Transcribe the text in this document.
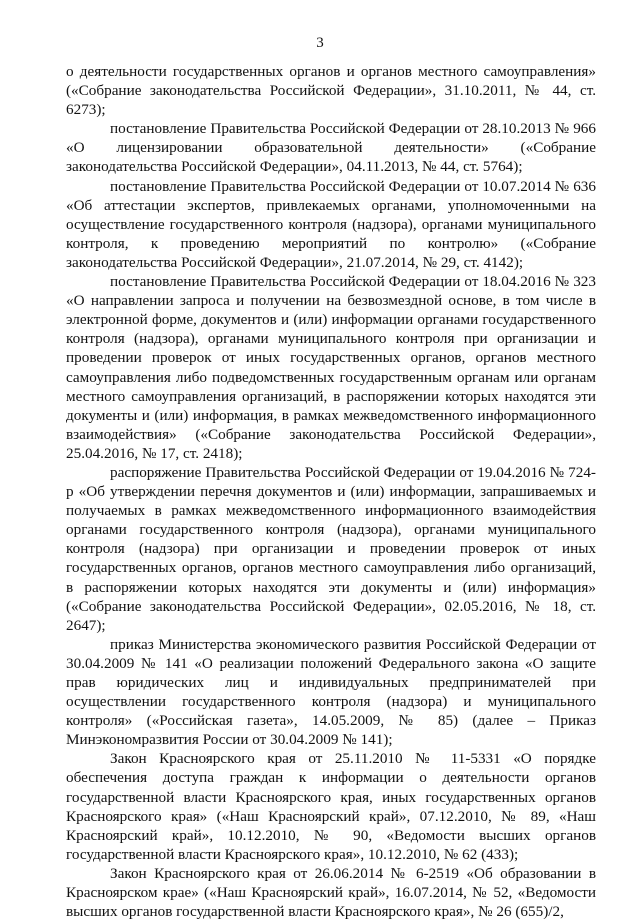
3

о деятельности государственных органов и органов местного самоуправления» («Собрание законодательства Российской Федерации», 31.10.2011, № 44, ст. 6273);

постановление Правительства Российской Федерации от 28.10.2013 № 966 «О лицензировании образовательной деятельности» («Собрание законодательства Российской Федерации», 04.11.2013, № 44, ст. 5764);

постановление Правительства Российской Федерации от 10.07.2014 № 636 «Об аттестации экспертов, привлекаемых органами, уполномоченными на осуществление государственного контроля (надзора), органами муниципального контроля, к проведению мероприятий по контролю» («Собрание законодательства Российской Федерации», 21.07.2014, № 29, ст. 4142);

постановление Правительства Российской Федерации от 18.04.2016 № 323 «О направлении запроса и получении на безвозмездной основе, в том числе в электронной форме, документов и (или) информации органами государственного контроля (надзора), органами муниципального контроля при организации и проведении проверок от иных государственных органов, органов местного самоуправления либо подведомственных государственным органам или органам местного самоуправления организаций, в распоряжении которых находятся эти документы и (или) информация, в рамках межведомственного информационного взаимодействия» («Собрание законодательства Российской Федерации», 25.04.2016, № 17, ст. 2418);

распоряжение Правительства Российской Федерации от 19.04.2016 № 724-р «Об утверждении перечня документов и (или) информации, запрашиваемых и получаемых в рамках межведомственного информационного взаимодействия органами государственного контроля (надзора), органами муниципального контроля (надзора) при организации и проведении проверок от иных государственных органов, органов местного самоуправления либо организаций, в распоряжении которых находятся эти документы и (или) информация» («Собрание законодательства Российской Федерации», 02.05.2016, № 18, ст. 2647);

приказ Министерства экономического развития Российской Федерации от 30.04.2009 № 141 «О реализации положений Федерального закона «О защите прав юридических лиц и индивидуальных предпринимателей при осуществлении государственного контроля (надзора) и муниципального контроля» («Российская газета», 14.05.2009, № 85) (далее – Приказ Минэкономразвития России от 30.04.2009 № 141);

Закон Красноярского края от 25.11.2010 № 11-5331 «О порядке обеспечения доступа граждан к информации о деятельности органов государственной власти Красноярского края, иных государственных органов Красноярского края» («Наш Красноярский край», 07.12.2010, № 89, «Наш Красноярский край», 10.12.2010, № 90, «Ведомости высших органов государственной власти Красноярского края», 10.12.2010, № 62 (433);

Закон Красноярского края от 26.06.2014 № 6-2519 «Об образовании в Красноярском крае» («Наш Красноярский край», 16.07.2014, № 52, «Ведомости высших органов государственной власти Красноярского края», № 26 (655)/2,
